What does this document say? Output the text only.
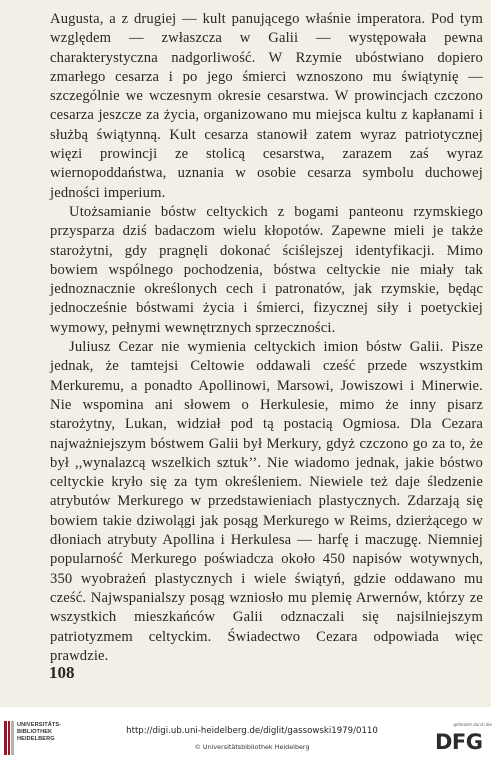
Augusta, a z drugiej — kult panującego właśnie imperatora. Pod tym względem — zwłaszcza w Galii — występowała pewna charakterystyczna nadgorliwość. W Rzymie ubóstwiano dopiero zmarłego cesarza i po jego śmierci wznoszono mu świątynię — szczególnie we wczesnym okresie cesarstwa. W prowincjach czczono cesarza jeszcze za życia, organizowano mu miejsca kultu z kapłanami i służbą świątynną. Kult cesarza stanowił zatem wyraz patriotycznej więzi prowincji ze stolicą cesarstwa, zarazem zaś wyraz wiernopoddaństwa, uznania w osobie cesarza symbolu duchowej jedności imperium.

Utożsamianie bóstw celtyckich z bogami panteonu rzymskiego przysparza dziś badaczom wielu kłopotów. Zapewne mieli je także starożytni, gdy pragnęli dokonać ściślejszej identyfikacji. Mimo bowiem wspólnego pochodzenia, bóstwa celtyckie nie miały tak jednoznacznie określonych cech i patronatów, jak rzymskie, będąc jednocześnie bóstwami życia i śmierci, fizycznej siły i poetyckiej wymowy, pełnymi wewnętrznych sprzeczności.

Juliusz Cezar nie wymienia celtyckich imion bóstw Galii. Pisze jednak, że tamtejsi Celtowie oddawali cześć przede wszystkim Merkuremu, a ponadto Apollinowi, Marsowi, Jowiszowi i Minerwie. Nie wspomina ani słowem o Herkulesie, mimo że inny pisarz starożytny, Lukan, widział pod tą postacią Ogmiosa. Dla Cezara najważniejszym bóstwem Galii był Merkury, gdyż czczono go za to, że był ,,wynalazcą wszelkich sztuk’’. Nie wiadomo jednak, jakie bóstwo celtyckie kryło się za tym określeniem. Niewiele też daje śledzenie atrybutów Merkurego w przedstawieniach plastycznych. Zdarzają się bowiem takie dziwolągi jak posąg Merkurego w Reims, dzierżącego w dłoniach atrybuty Apollina i Herkulesa — harfę i maczugę. Niemniej popularność Merkurego poświadcza około 450 napisów wotywnych, 350 wyobrażeń plastycznych i wiele świątyń, gdzie oddawano mu cześć. Najwspanialszy posąg wzniosło mu plemię Arwernów, którzy ze wszystkich mieszkańców Galii odznaczali się najsilniejszym patriotyzmem celtyckim. Świadectwo Cezara odpowiada więc prawdzie.

108

UNIVERSITÄTS-
BIBLIOTHEK
HEIDELBERG
http://digi.ub.uni-heidelberg.de/diglit/gassowski1979/0110
© Universitätsbibliothek Heidelberg
gefördert durch die
DFG
